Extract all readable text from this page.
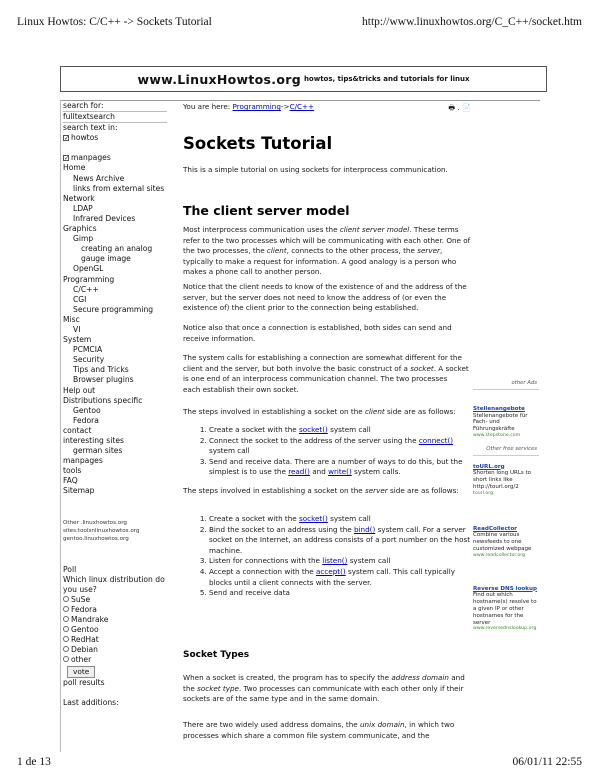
Linux Howtos: C/C++ -> Sockets Tutorial	http://www.linuxhowtos.org/C_C++/socket.htm
www.LinuxHowtos.org howtos, tips&tricks and tutorials for linux
search for:
fulltextsearch
search text in:
✓ howtos
✓ manpages
Home
News Archive
links from external sites
Network
LDAP
Infrared Devices
Graphics
Gimp
creating an analog
gauge image
OpenGL
Programming
C/C++
CGI
Secure programming
Misc
VI
System
PCMCIA
Security
Tips and Tricks
Browser plugins
Help out
Distributions specific
Gentoo
Fedora
contact
interesting sites
german sites
manpages
tools
FAQ
Sitemap
Other .linuxhowtos.org
sites:toolsnlinuxhowtos.org
gentoo.linuxhowtos.org
Poll
Which linux distribution do
you use?
SuSe
Fedora
Mandrake
Gentoo
RedHat
Debian
other
vote
poll results
Last additions:
You are here: Programming->C/C++	🖶 . 📄
Sockets Tutorial

This is a simple tutorial on using sockets for interprocess communication.

The client server model

Most interprocess communication uses the client server model. These terms refer to the two processes which will be communicating with each other. One of the two processes, the client, connects to the other process, the server, typically to make a request for information. A good analogy is a person who makes a phone call to another person.

Notice that the client needs to know of the existence of and the address of the server, but the server does not need to know the address of (or even the existence of) the client prior to the connection being established.

Notice also that once a connection is established, both sides can send and receive information.

The system calls for establishing a connection are somewhat different for the client and the server, but both involve the basic construct of a socket. A socket is one end of an interprocess communication channel. The two processes
each establish their own socket.

The steps involved in establishing a socket on the client side are as follows:

1. Create a socket with the socket() system call
2. Connect the socket to the address of the server using the connect() system call
3. Send and receive data. There are a number of ways to do this, but the simplest is to use the read() and write() system calls.

The steps involved in establishing a socket on the server side are as follows:

1. Create a socket with the socket() system call
2. Bind the socket to an address using the bind() system call. For a server socket on the Internet, an address consists of a port number on the host machine.
3. Listen for connections with the listen() system call
4. Accept a connection with the accept() system call. This call typically blocks until a client connects with the server.
5. Send and receive data
Socket Types

When a socket is created, the program has to specify the address domain and the socket type. Two processes can communicate with each other only if their sockets are of the same type and in the same domain.

There are two widely used address domains, the unix domain, in which two processes which share a common file system communicate, and the

other Ads
Stellenangebote
Stellenangebote für Fach- und Führungskräfte
www.stepstone.com
Other free services
toURL.org
Shorten long URLs to short links like http://tourl.org/2
tourl.org
ReadCollector
Combine various newsfeeds to one customized webpage
www.readcollector.org
Reverse DNS lookup
Find out which hostname(s) resolve to a given IP or other hostnames for the server
www.reversednslookup.org
1 de 13	06/01/11 22:55
